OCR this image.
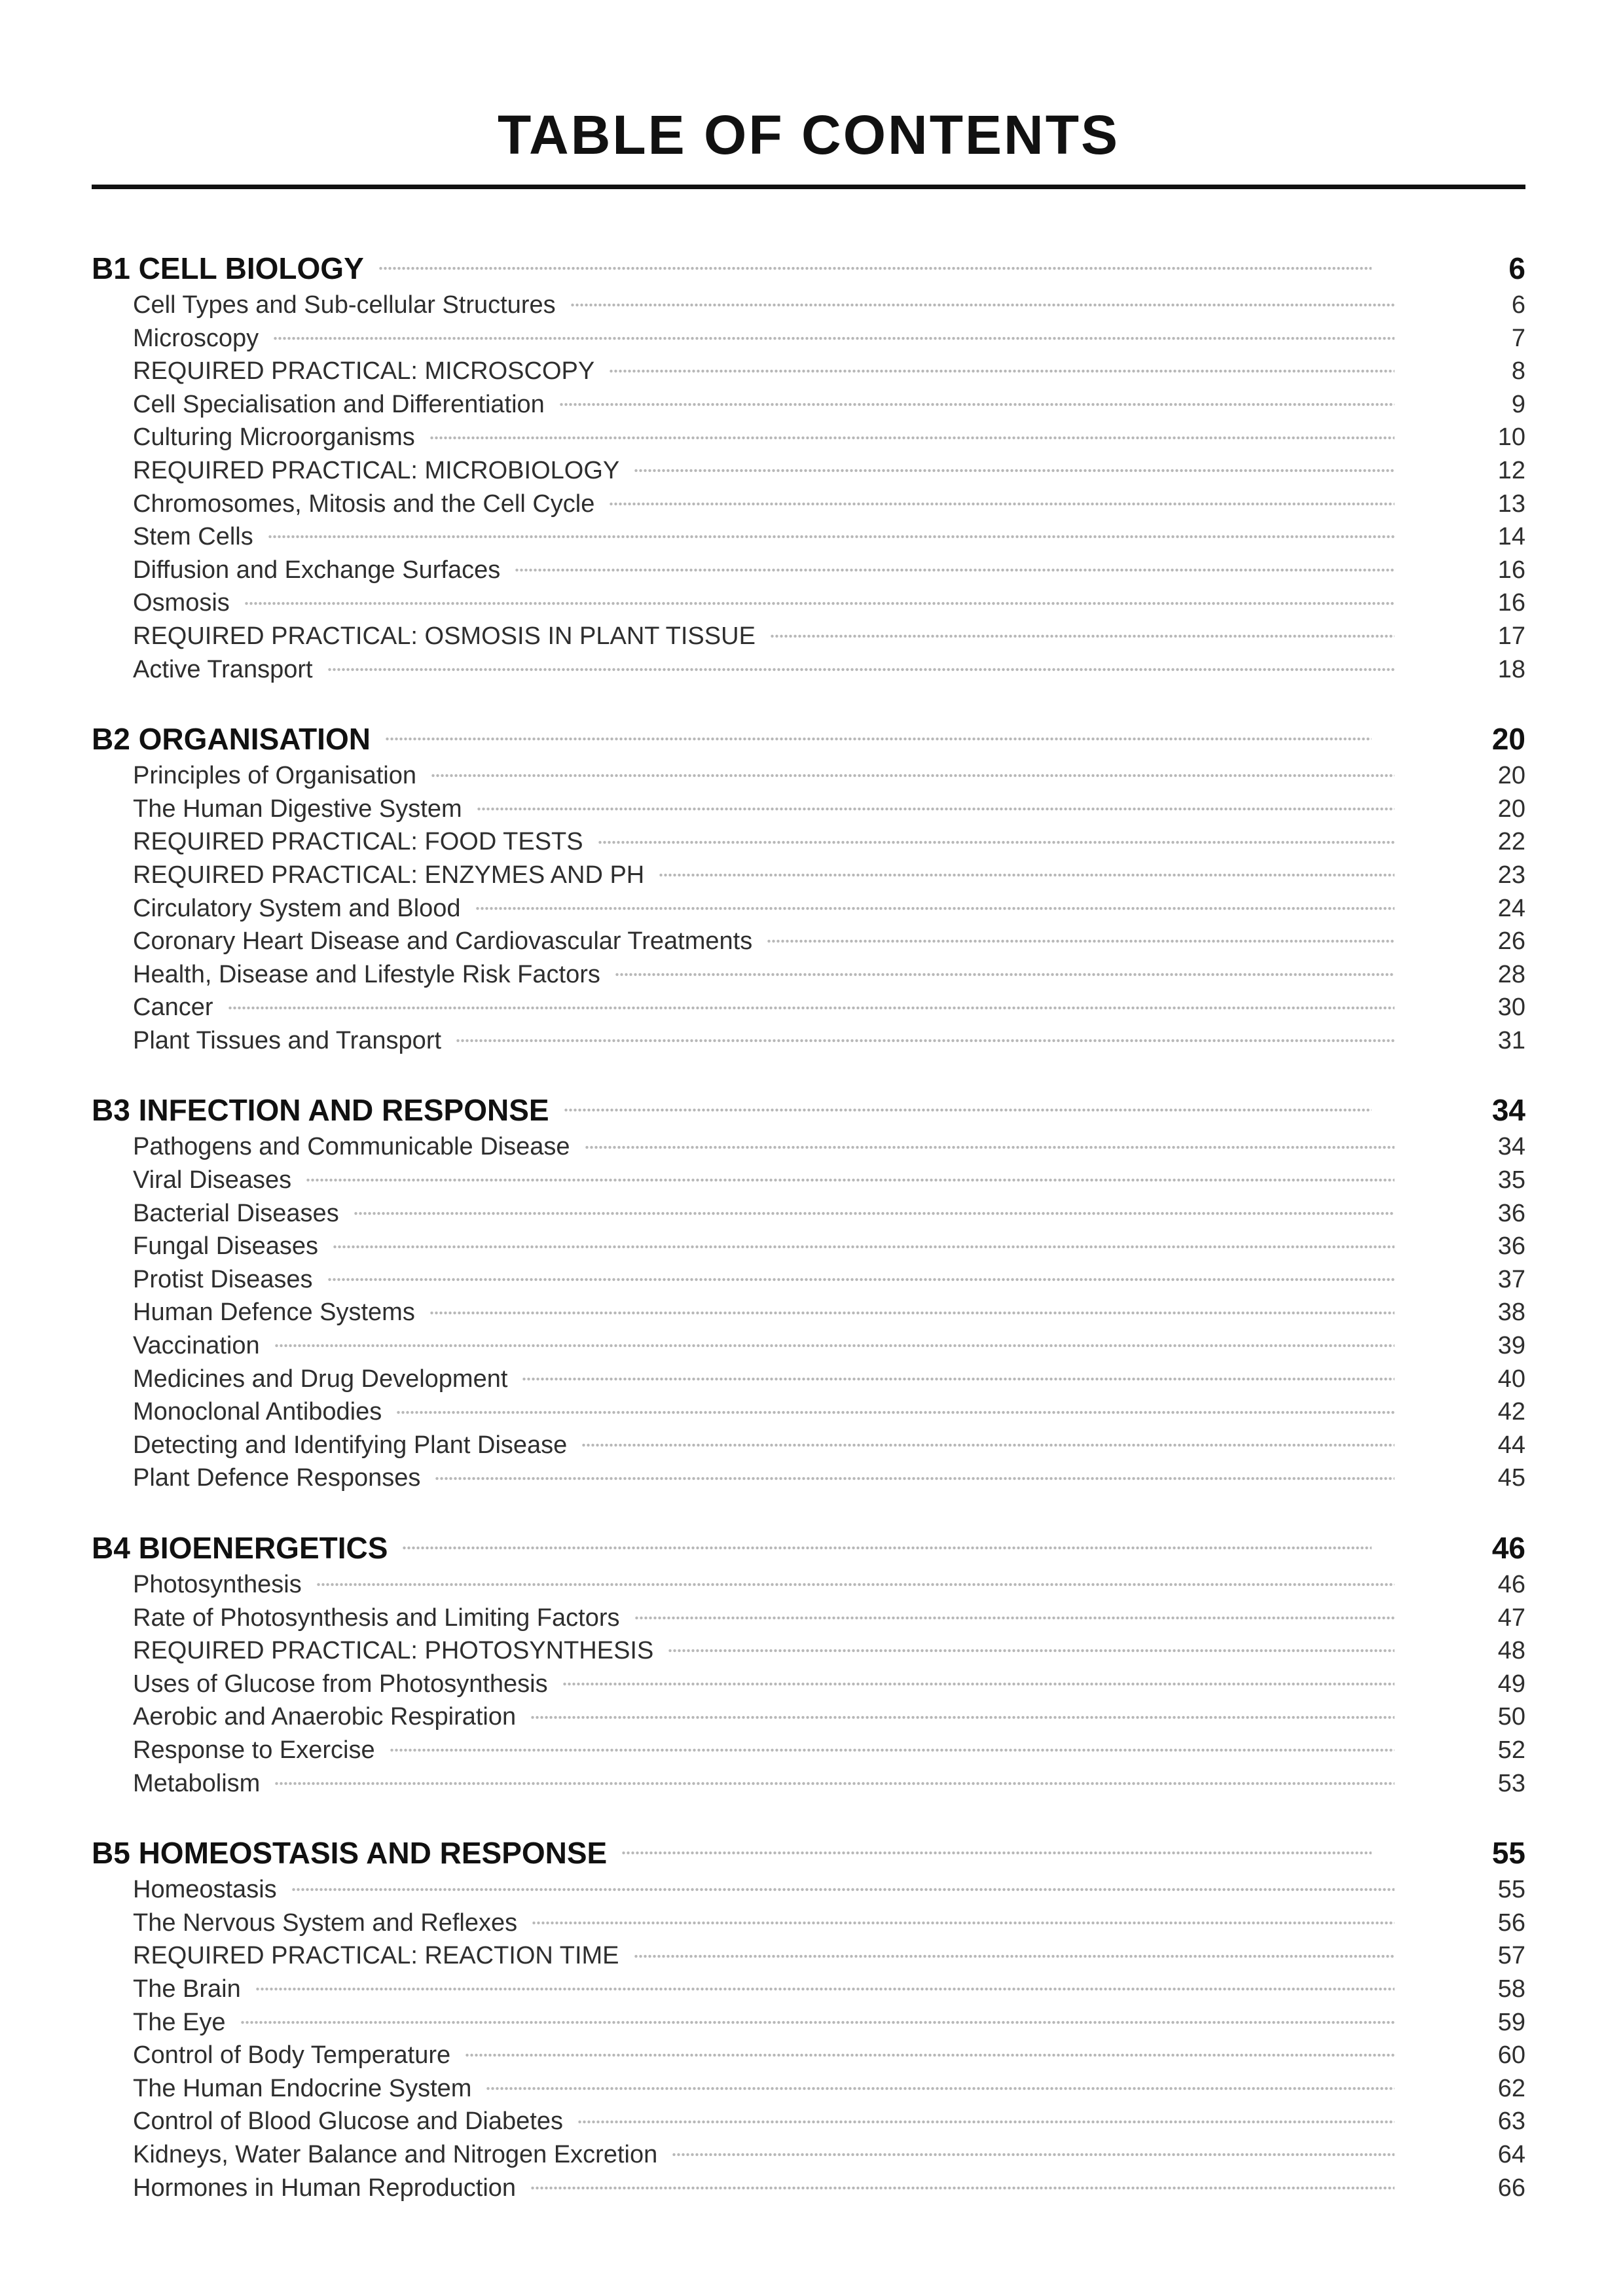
TABLE OF CONTENTS
B1 CELL BIOLOGY	6
Cell Types and Sub-cellular Structures	6
Microscopy	7
REQUIRED PRACTICAL: MICROSCOPY	8
Cell Specialisation and Differentiation	9
Culturing Microorganisms	10
REQUIRED PRACTICAL: MICROBIOLOGY	12
Chromosomes, Mitosis and the Cell Cycle	13
Stem Cells	14
Diffusion and Exchange Surfaces	16
Osmosis	16
REQUIRED PRACTICAL: OSMOSIS IN PLANT TISSUE	17
Active Transport	18
B2 ORGANISATION	20
Principles of Organisation	20
The Human Digestive System	20
REQUIRED PRACTICAL: FOOD TESTS	22
REQUIRED PRACTICAL: ENZYMES AND PH	23
Circulatory System and Blood	24
Coronary Heart Disease and Cardiovascular Treatments	26
Health, Disease and Lifestyle Risk Factors	28
Cancer	30
Plant Tissues and Transport	31
B3 INFECTION AND RESPONSE	34
Pathogens and Communicable Disease	34
Viral Diseases	35
Bacterial Diseases	36
Fungal Diseases	36
Protist Diseases	37
Human Defence Systems	38
Vaccination	39
Medicines and Drug Development	40
Monoclonal Antibodies	42
Detecting and Identifying Plant Disease	44
Plant Defence Responses	45
B4 BIOENERGETICS	46
Photosynthesis	46
Rate of Photosynthesis and Limiting Factors	47
REQUIRED PRACTICAL: PHOTOSYNTHESIS	48
Uses of Glucose from Photosynthesis	49
Aerobic and Anaerobic Respiration	50
Response to Exercise	52
Metabolism	53
B5 HOMEOSTASIS AND RESPONSE	55
Homeostasis	55
The Nervous System and Reflexes	56
REQUIRED PRACTICAL: REACTION TIME	57
The Brain	58
The Eye	59
Control of Body Temperature	60
The Human Endocrine System	62
Control of Blood Glucose and Diabetes	63
Kidneys, Water Balance and Nitrogen Excretion	64
Hormones in Human Reproduction	66
